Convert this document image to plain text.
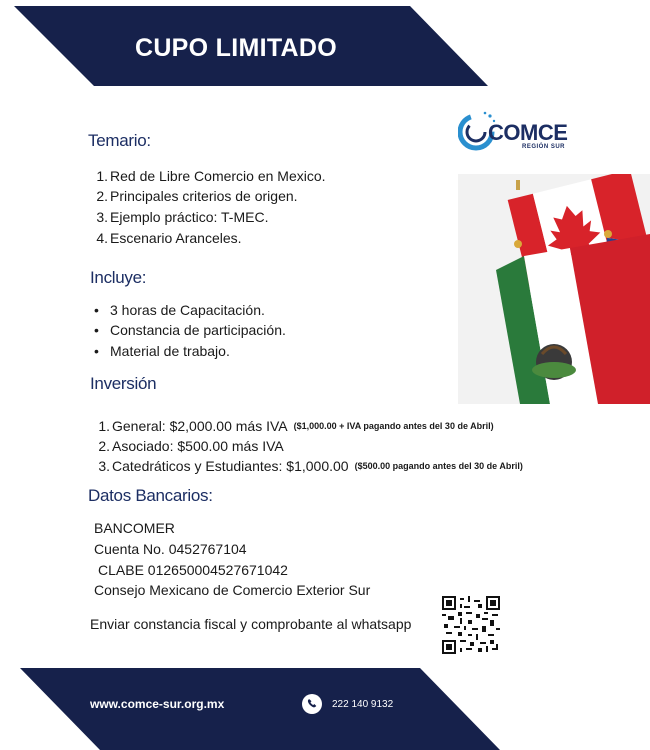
CUPO LIMITADO
COMCE
REGIÓN SUR
Temario:
1. Red de Libre Comercio en Mexico.
2. Principales criterios de origen.
3. Ejemplo práctico: T-MEC.
4. Escenario Aranceles.
Incluye:
• 3 horas de Capacitación.
• Constancia de participación.
• Material de trabajo.
Inversión
1. General: $2,000.00 más IVA ($1,000.00 + IVA pagando antes del 30 de Abril)
2. Asociado: $500.00 más IVA
3. Catedráticos y Estudiantes: $1,000.00 ($500.00 pagando antes del 30 de Abril)
Datos Bancarios:
BANCOMER
Cuenta No. 0452767104
CLABE 012650004527671042
Consejo Mexicano de Comercio Exterior Sur
Enviar constancia fiscal y comprobante al whatsapp
www.comce-sur.org.mx	222 140 9132
